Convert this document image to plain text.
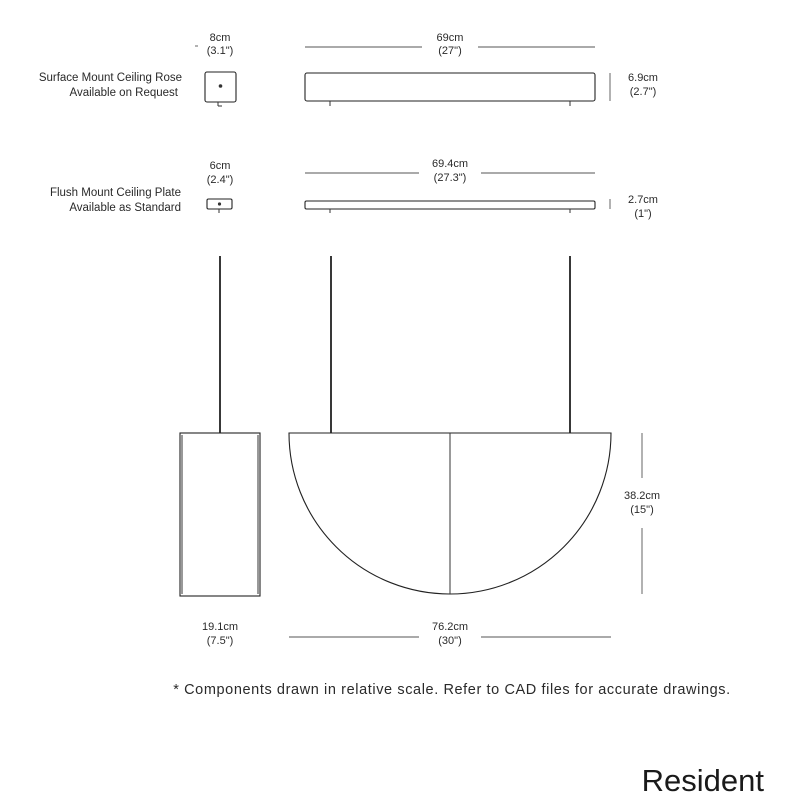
8cm
(3.1")
Surface Mount Ceiling Rose
Available on Request
69cm
(27")
6.9cm
(2.7")
6cm
(2.4")
Flush Mount Ceiling Plate
Available as Standard
69.4cm
(27.3")
2.7cm
(1")
38.2cm
(15")
19.1cm
(7.5")
76.2cm
(30")
* Components drawn in relative scale. Refer to CAD files for accurate drawings.
Resident
